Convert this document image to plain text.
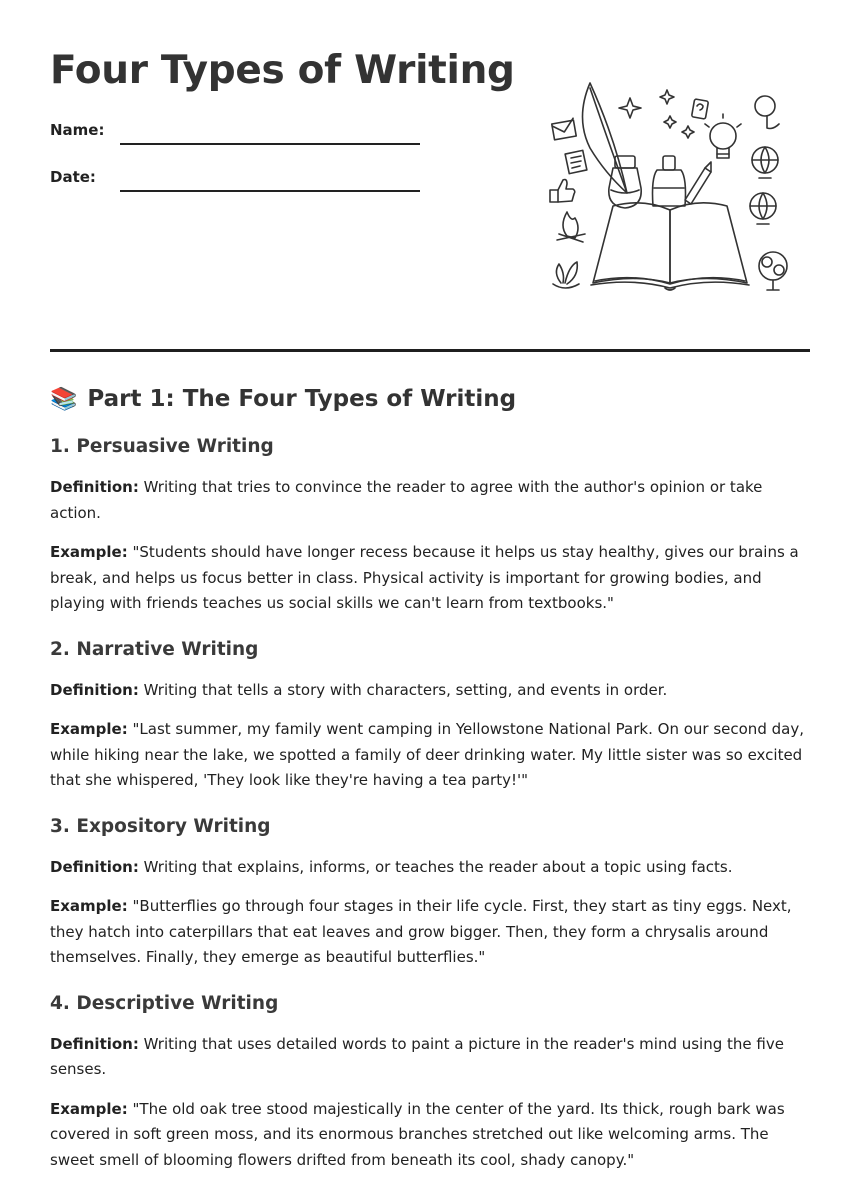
Four Types of Writing
Name:
Date:
📚 Part 1: The Four Types of Writing
1. Persuasive Writing

Definition: Writing that tries to convince the reader to agree with the author's opinion or take action.

Example: "Students should have longer recess because it helps us stay healthy, gives our brains a break, and helps us focus better in class. Physical activity is important for growing bodies, and playing with friends teaches us social skills we can't learn from textbooks."

2. Narrative Writing

Definition: Writing that tells a story with characters, setting, and events in order.

Example: "Last summer, my family went camping in Yellowstone National Park. On our second day, while hiking near the lake, we spotted a family of deer drinking water. My little sister was so excited that she whispered, 'They look like they're having a tea party!'"

3. Expository Writing

Definition: Writing that explains, informs, or teaches the reader about a topic using facts.

Example: "Butterflies go through four stages in their life cycle. First, they start as tiny eggs. Next, they hatch into caterpillars that eat leaves and grow bigger. Then, they form a chrysalis around themselves. Finally, they emerge as beautiful butterflies."

4. Descriptive Writing

Definition: Writing that uses detailed words to paint a picture in the reader's mind using the five senses.

Example: "The old oak tree stood majestically in the center of the yard. Its thick, rough bark was covered in soft green moss, and its enormous branches stretched out like welcoming arms. The sweet smell of blooming flowers drifted from beneath its cool, shady canopy."
